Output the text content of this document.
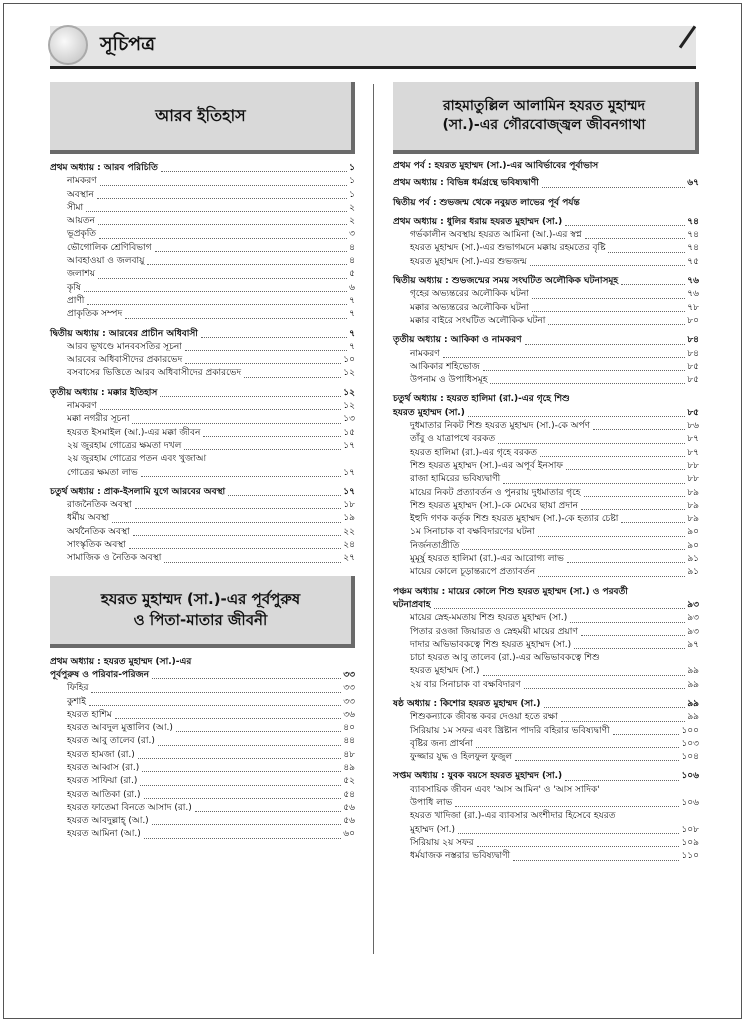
সূচিপত্র
আরব ইতিহাস
প্রথম অধ্যায় : আরব পরিচিতি	১
নামকরণ	১
অবস্থান	১
সীমা	২
আয়তন	২
ভূপ্রকৃতি	৩
ভৌগোলিক শ্রেণিবিভাগ	৪
আবহাওয়া ও জলবায়ু	৪
জলাশয়	৫
কৃষি	৬
প্রাণী	৭
প্রাকৃতিক সম্পদ	৭
দ্বিতীয় অধ্যায় : আরবের প্রাচীন অধিবাসী	৭
আরব ভূখণ্ডে মানববসতির সূচনা	৭
আরবের অধিবাসীদের প্রকারভেদ	১০
বসবাসের ভিত্তিতে আরব অধিবাসীদের প্রকারভেদ	১২
তৃতীয় অধ্যায় : মক্কার ইতিহাস	১২
নামকরণ	১২
মক্কা নগরীর সূচনা	১৩
হযরত ইসমাইল (আ.)-এর মক্কা জীবন	১৫
২য় জুরহাম গোত্রের ক্ষমতা দখল	১৭
২য় জুরহাম গোত্রের পতন এবং খুজাআ
গোত্রের ক্ষমতা লাভ	১৭
চতুর্থ অধ্যায় : প্রাক-ইসলামি যুগে আরবের অবস্থা	১৭
রাজনৈতিক অবস্থা	১৮
ধর্মীয় অবস্থা	১৯
অর্থনৈতিক অবস্থা	২২
সাংস্কৃতিক অবস্থা	২৪
সামাজিক ও নৈতিক অবস্থা	২৭
হযরত মুহাম্মদ (সা.)-এর পূর্বপুরুষ
ও পিতা-মাতার জীবনী
প্রথম অধ্যায় : হযরত মুহাম্মদ (সা.)-এর
পূর্বপুরুষ ও পরিবার-পরিজন	৩৩
ফিহির	৩৩
কুশাই	৩৩
হযরত হাশিম	৩৬
হযরত আবদুল মুত্তালিব (আ.)	৪০
হযরত আবু তালেব (রা.)	৪৪
হযরত হামজা (রা.)	৪৮
হযরত আব্বাস (রা.)	৪৯
হযরত সাফিয়া (রা.)	৫২
হযরত আতিকা (রা.)	৫৪
হযরত ফাতেমা বিনতে আসাদ (রা.)	৫৬
হযরত আবদুল্লাহ্ (আ.)	৫৬
হযরত আমিনা (আ.)	৬০
রাহমাতুল্লিল আলামিন হযরত মুহাম্মদ
(সা.)-এর গৌরবোজ্জ্বল জীবনগাথা
প্রথম পর্ব : হযরত মুহাম্মদ (সা.)-এর আবির্ভাবের পূর্বাভাস
প্রথম অধ্যায় : বিভিন্ন ধর্মগ্রন্থে ভবিষ্যদ্বাণী	৬৭
দ্বিতীয় পর্ব : শুভজন্ম থেকে নবুয়ত লাভের পূর্ব পর্যন্ত
প্রথম অধ্যায় : ধুলির ধরায় হযরত মুহাম্মদ (সা.)	৭৪
গর্ভকালীন অবস্থায় হযরত আমিনা (আ.)-এর স্বপ্ন	৭৪
হযরত মুহাম্মদ (সা.)-এর শুভাগমনে মক্কায় রহমতের বৃষ্টি	৭৪
হযরত মুহাম্মদ (সা.)-এর শুভজন্ম	৭৫
দ্বিতীয় অধ্যায় : শুভজন্মের সময় সংঘটিত অলৌকিক ঘটনাসমূহ	৭৬
গৃহের অভ্যন্তরের অলৌকিক ঘটনা	৭৬
মক্কার অভ্যন্তরের অলৌকিক ঘটনা	৭৮
মক্কার বাইরে সংঘটিত অলৌকিক ঘটনা	৮০
তৃতীয় অধ্যায় : আকিকা ও নামকরণ	৮৪
নামকরণ	৮৪
আকিকার শহিভোজ	৮৫
উপনাম ও উপাধিসমূহ	৮৫
চতুর্থ অধ্যায় : হযরত হালিমা (রা.)-এর গৃহে শিশু
হযরত মুহাম্মদ (সা.)	৮৫
দুধমাতার নিকট শিশু হযরত মুহাম্মদ (সা.)-কে অর্পণ	৮৬
তাঁবু ও যাত্রাপথে বরকত	৮৭
হযরত হালিমা (রা.)-এর গৃহে বরকত	৮৭
শিশু হযরত মুহাম্মদ (সা.)-এর অপূর্ব ইনসাফ	৮৮
রাজা হামিরের ভবিষ্যদ্বাণী	৮৮
মায়ের নিকট প্রত্যাবর্তন ও পুনরায় দুধমাতার গৃহে	৮৯
শিশু হযরত মুহাম্মদ (সা.)-কে মেঘের ছায়া প্রদান	৮৯
ইহুদি গণক কর্তৃক শিশু হযরত মুহাম্মদ (সা.)-কে হত্যার চেষ্টা	৮৯
১ম সিনাচাক বা বক্ষবিদারণের ঘটনা	৯০
নির্জনতাপ্রীতি	৯০
মুমূর্ষু হযরত হালিমা (রা.)-এর আরোগ্য লাভ	৯১
মায়ের কোলে চূড়ান্তরূপে প্রত্যাবর্তন	৯১
পঞ্চম অধ্যায় : মায়ের কোলে শিশু হযরত মুহাম্মদ (সা.) ও পরবর্তী
ঘটনাপ্রবাহ	৯৩
মায়ের স্নেহ-মমতায় শিশু হযরত মুহাম্মদ (সা.)	৯৩
পিতার রওজা জিয়ারত ও স্নেহময়ী মায়ের প্রয়াণ	৯৩
দাদার অভিভাবকত্বে শিশু হযরত মুহাম্মদ (সা.)	৯৭
চাচা হযরত আবু তালেব (রা.)-এর অভিভাবকত্বে শিশু
হযরত মুহাম্মদ (সা.)	৯৯
২য় বার সিনাচাক বা বক্ষবিদারণ	৯৯
ষষ্ঠ অধ্যায় : কিশোর হযরত মুহাম্মদ (সা.)	৯৯
শিশুকন্যাকে জীবন্ত কবর দেওয়া হতে রক্ষা	৯৯
সিরিয়ায় ১ম সফর এবং খ্রিষ্টান পাদরি বহিরার ভবিষ্যদ্বাণী	১০০
বৃষ্টির জন্য প্রার্থনা	১০৩
ফুজ্জার যুদ্ধ ও হিলফুল ফুজুল	১০৪
সপ্তম অধ্যায় : যুবক বয়সে হযরত মুহাম্মদ (সা.)	১০৬
ব্যাবসায়িক জীবন এবং 'আস আমিন' ও 'আস সাদিক'
উপাধি লাভ	১০৬
হযরত খাদিজা (রা.)-এর ব্যাবসার অংশীদার হিসেবে হযরত
মুহাম্মদ (সা.)	১০৮
সিরিয়ায় ২য় সফর	১০৯
ধর্মযাজক নস্তরার ভবিষ্যদ্বাণী	১১০
